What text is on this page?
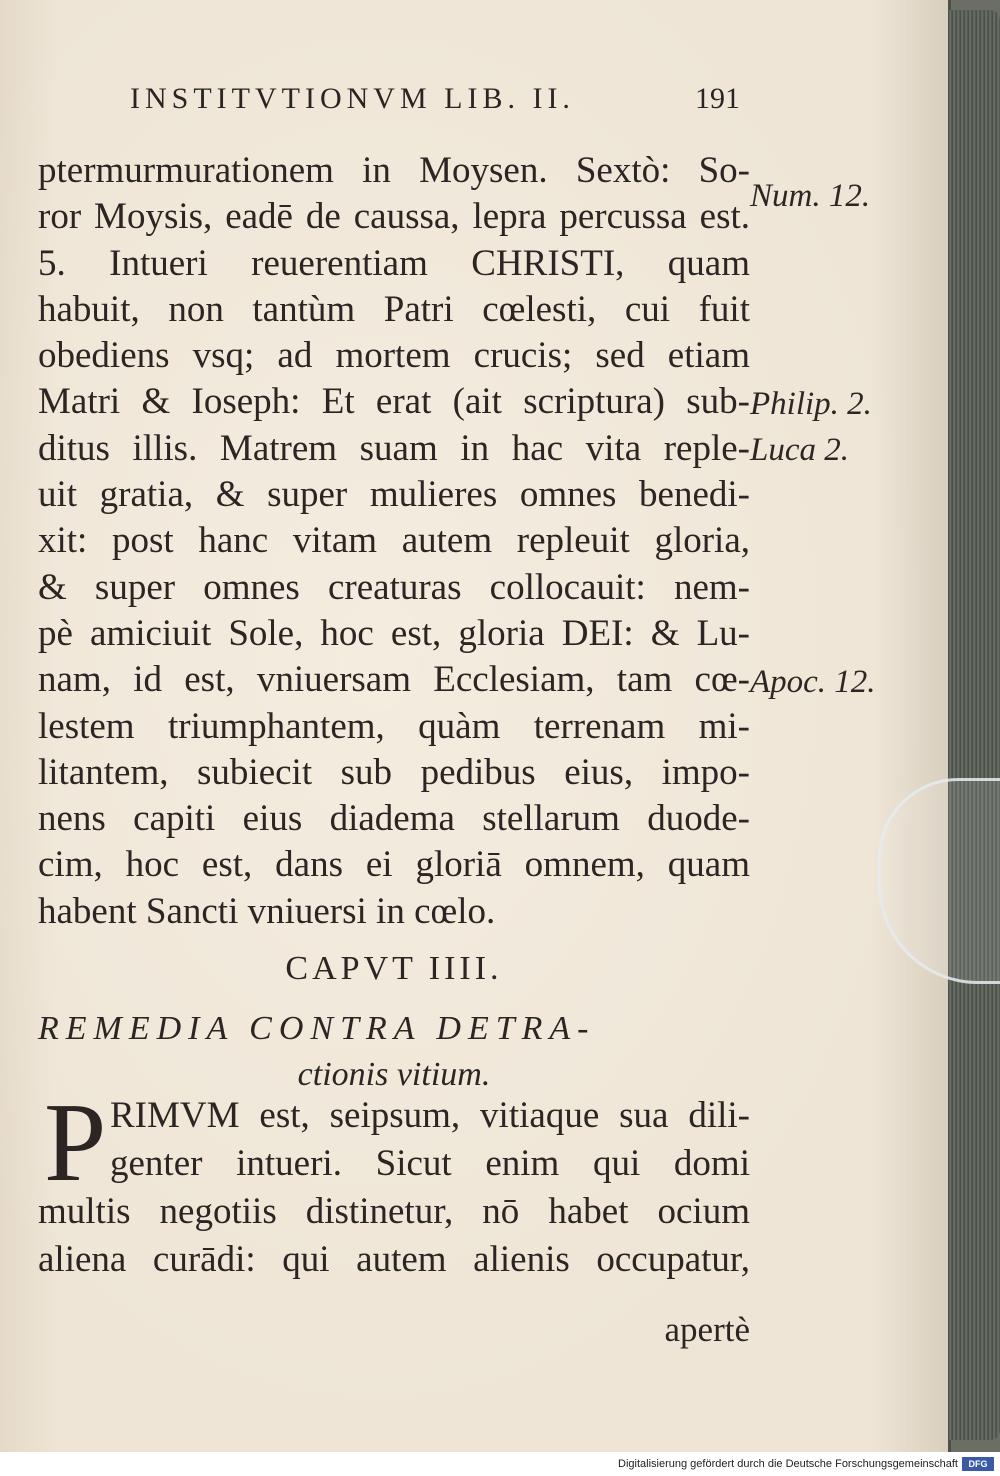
INSTITVTIONVM LIB. II.	191
ptermurmurationem in Moysen. Sextò: So-
ror Moysis, eadē de caussa, lepra percussa est.
5. Intueri reuerentiam CHRISTI, quam
habuit, non tantùm Patri cœlesti, cui fuit
obediens vsq; ad mortem crucis; sed etiam
Matri & Ioseph: Et erat (ait scriptura) sub-
ditus illis. Matrem suam in hac vita reple-
uit gratia, & super mulieres omnes benedi-
xit: post hanc vitam autem repleuit gloria,
& super omnes creaturas collocauit: nem-
pè amiciuit Sole, hoc est, gloria DEI: & Lu-
nam, id est, vniuersam Ecclesiam, tam cœ-
lestem triumphantem, quàm terrenam mi-
litantem, subiecit sub pedibus eius, impo-
nens capiti eius diadema stellarum duode-
cim, hoc est, dans ei gloriā omnem, quam
habent Sancti vniuersi in cœlo.
Num. 12.
Philip. 2.
Luca 2.
Apoc. 12.
CAPVT IIII.
REMEDIA CONTRA DETRA-
ctionis vitium.
P RIMVM est, seipsum, vitiaque sua dili-
genter intueri. Sicut enim qui domi
multis negotiis distinetur, nō habet ocium
aliena curādi: qui autem alienis occupatur,
apertè
Digitalisierung gefördert durch die Deutsche Forschungsgemeinschaft	DFG
